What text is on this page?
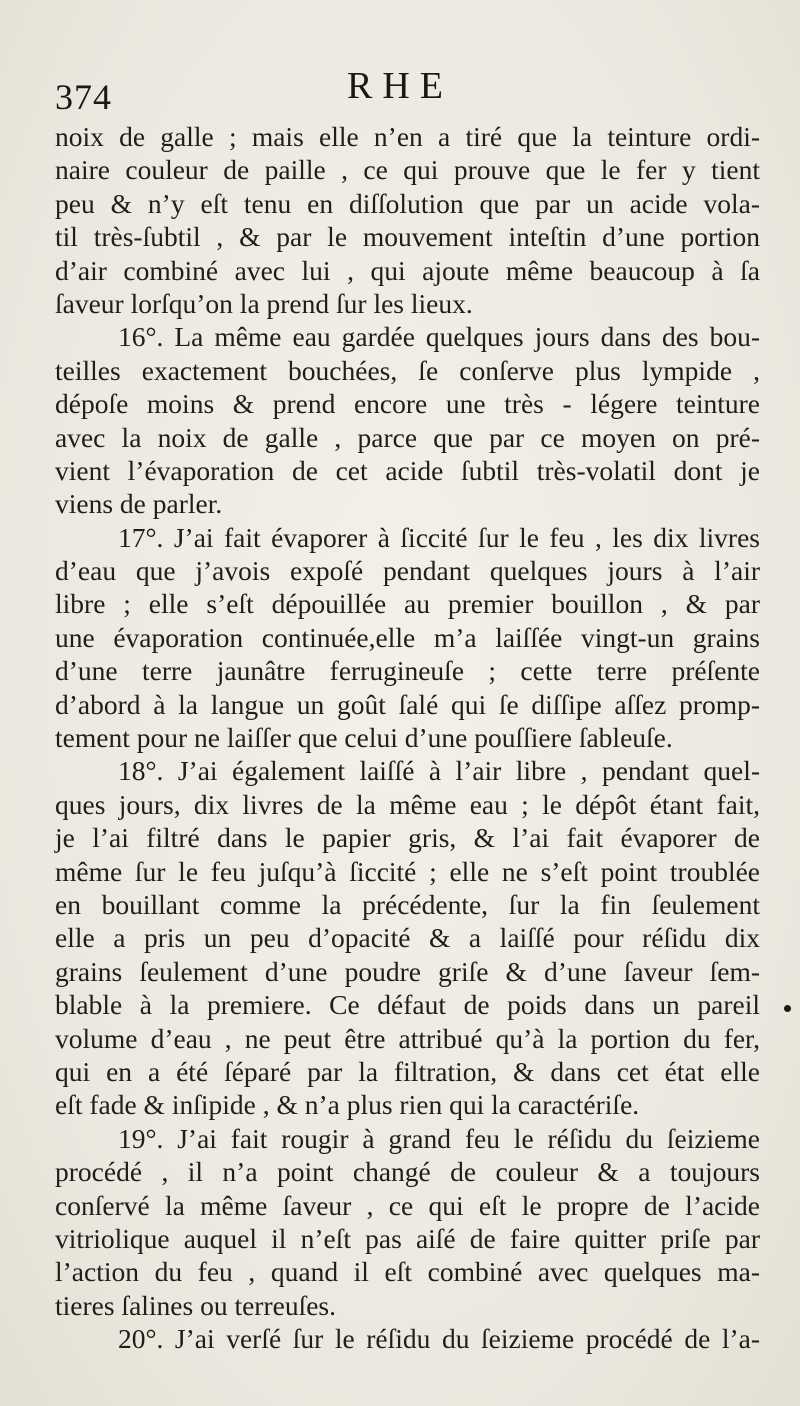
374	RHE
noix de galle ; mais elle n’en a tiré que la teinture ordi-
naire couleur de paille , ce qui prouve que le fer y tient
peu & n’y eſt tenu en diſſolution que par un acide vola-
til très-ſubtil , & par le mouvement inteſtin d’une portion
d’air combiné avec lui , qui ajoute même beaucoup à ſa
ſaveur lorſqu’on la prend ſur les lieux.
16°. La même eau gardée quelques jours dans des bou-
teilles exactement bouchées, ſe conſerve plus lympide ,
dépoſe moins & prend encore une très - légere teinture
avec la noix de galle , parce que par ce moyen on pré-
vient l’évaporation de cet acide ſubtil très-volatil dont je
viens de parler.
17°. J’ai fait évaporer à ſiccité ſur le feu , les dix livres
d’eau que j’avois expoſé pendant quelques jours à l’air
libre ; elle s’eſt dépouillée au premier bouillon , & par
une évaporation continuée,elle m’a laiſſée vingt-un grains
d’une terre jaunâtre ferrugineuſe ; cette terre préſente
d’abord à la langue un goût ſalé qui ſe diſſipe aſſez promp-
tement pour ne laiſſer que celui d’une pouſſiere ſableuſe.
18°. J’ai également laiſſé à l’air libre , pendant quel-
ques jours, dix livres de la même eau ; le dépôt étant fait,
je l’ai filtré dans le papier gris, & l’ai fait évaporer de
même ſur le feu juſqu’à ſiccité ; elle ne s’eſt point troublée
en bouillant comme la précédente, ſur la fin ſeulement
elle a pris un peu d’opacité & a laiſſé pour réſidu dix
grains ſeulement d’une poudre griſe & d’une ſaveur ſem-
blable à la premiere. Ce défaut de poids dans un pareil
volume d’eau , ne peut être attribué qu’à la portion du fer,
qui en a été ſéparé par la filtration, & dans cet état elle
eſt fade & inſipide , & n’a plus rien qui la caractériſe.
19°. J’ai fait rougir à grand feu le réſidu du ſeizieme
procédé , il n’a point changé de couleur & a toujours
conſervé la même ſaveur , ce qui eſt le propre de l’acide
vitriolique auquel il n’eſt pas aiſé de faire quitter priſe par
l’action du feu , quand il eſt combiné avec quelques ma-
tieres ſalines ou terreuſes.
20°. J’ai verſé ſur le réſidu du ſeizieme procédé de l’a-
